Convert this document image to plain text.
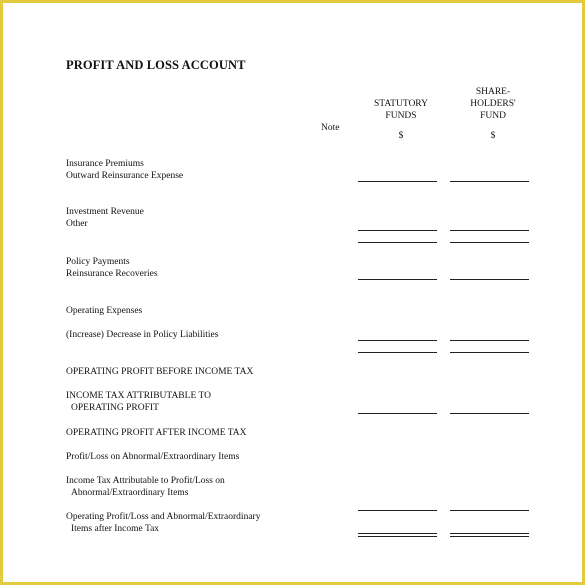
PROFIT AND LOSS ACCOUNT
Note
STATUTORY
FUNDS
$
SHARE-
HOLDERS'
FUND
$
Insurance Premiums
Outward Reinsurance Expense
Investment Revenue
Other
Policy Payments
Reinsurance Recoveries
Operating Expenses
(Increase) Decrease in Policy Liabilities
OPERATING PROFIT BEFORE INCOME TAX
INCOME TAX ATTRIBUTABLE TO
OPERATING PROFIT
OPERATING PROFIT AFTER INCOME TAX
Profit/Loss on Abnormal/Extraordinary Items
Income Tax Attributable to Profit/Loss on
Abnormal/Extraordinary Items
Operating Profit/Loss and Abnormal/Extraordinary
Items after Income Tax
